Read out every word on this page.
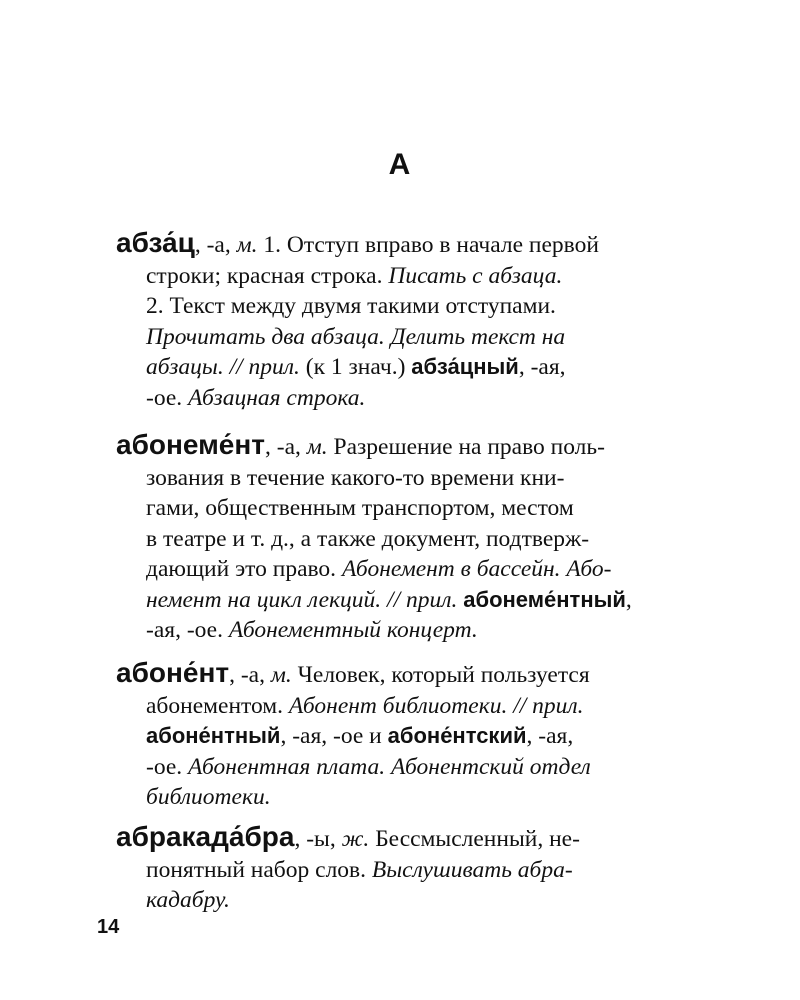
А
абза́ц, -а, м. 1. Отступ вправо в начале первой
строки; красная строка. Писать с абзаца.
2. Текст между двумя такими отступами.
Прочитать два абзаца. Делить текст на
абзацы. // прил. (к 1 знач.) абза́цный, -ая,
-ое. Абзацная строка.
абонеме́нт, -а, м. Разрешение на право поль-
зования в течение какого-то времени кни-
гами, общественным транспортом, местом
в театре и т. д., а также документ, подтверж-
дающий это право. Абонемент в бассейн. Або-
немент на цикл лекций. // прил. абонеме́нтный,
-ая, -ое. Абонементный концерт.
абоне́нт, -а, м. Человек, который пользуется
абонементом. Абонент библиотеки. // прил.
абоне́нтный, -ая, -ое и абоне́нтский, -ая,
-ое. Абонентная плата. Абонентский отдел
библиотеки.
абракада́бра, -ы, ж. Бессмысленный, не-
понятный набор слов. Выслушивать абра-
кадабру.
14
